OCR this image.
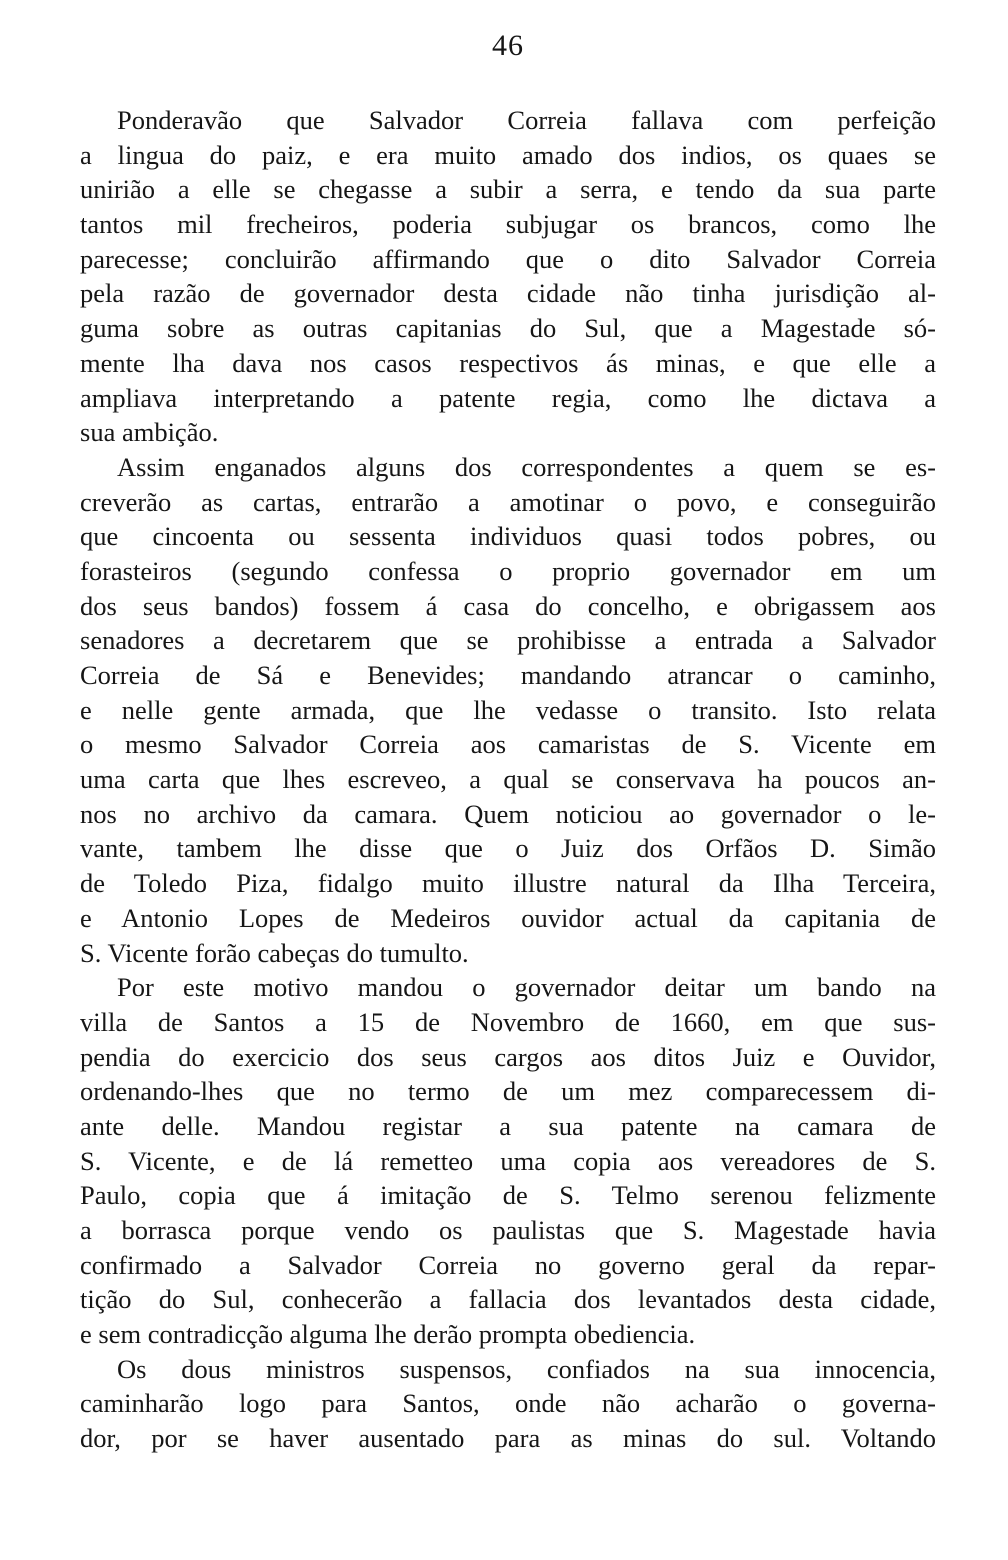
46
Ponderavão que Salvador Correia fallava com perfeição
a lingua do paiz, e era muito amado dos indios, os quaes se
unirião a elle se chegasse a subir a serra, e tendo da sua parte
tantos mil frecheiros, poderia subjugar os brancos, como lhe
parecesse; concluirão affirmando que o dito Salvador Correia
pela razão de governador desta cidade não tinha jurisdição al-
guma sobre as outras capitanias do Sul, que a Magestade só-
mente lha dava nos casos respectivos ás minas, e que elle a
ampliava interpretando a patente regia, como lhe dictava a
sua ambição.
Assim enganados alguns dos correspondentes a quem se es-
creverão as cartas, entrarão a amotinar o povo, e conseguirão
que cincoenta ou sessenta individuos quasi todos pobres, ou
forasteiros (segundo confessa o proprio governador em um
dos seus bandos) fossem á casa do concelho, e obrigassem aos
senadores a decretarem que se prohibisse a entrada a Salvador
Correia de Sá e Benevides; mandando atrancar o caminho,
e nelle gente armada, que lhe vedasse o transito. Isto relata
o mesmo Salvador Correia aos camaristas de S. Vicente em
uma carta que lhes escreveo, a qual se conservava ha poucos an-
nos no archivo da camara. Quem noticiou ao governador o le-
vante, tambem lhe disse que o Juiz dos Orfãos D. Simão
de Toledo Piza, fidalgo muito illustre natural da Ilha Terceira,
e Antonio Lopes de Medeiros ouvidor actual da capitania de
S. Vicente forão cabeças do tumulto.
Por este motivo mandou o governador deitar um bando na
villa de Santos a 15 de Novembro de 1660, em que sus-
pendia do exercicio dos seus cargos aos ditos Juiz e Ouvidor,
ordenando-lhes que no termo de um mez comparecessem di-
ante delle. Mandou registar a sua patente na camara de
S. Vicente, e de lá remetteo uma copia aos vereadores de S.
Paulo, copia que á imitação de S. Telmo serenou felizmente
a borrasca porque vendo os paulistas que S. Magestade havia
confirmado a Salvador Correia no governo geral da repar-
tição do Sul, conhecerão a fallacia dos levantados desta cidade,
e sem contradicção alguma lhe derão prompta obediencia.
Os dous ministros suspensos, confiados na sua innocencia,
caminharão logo para Santos, onde não acharão o governa-
dor, por se haver ausentado para as minas do sul. Voltando
